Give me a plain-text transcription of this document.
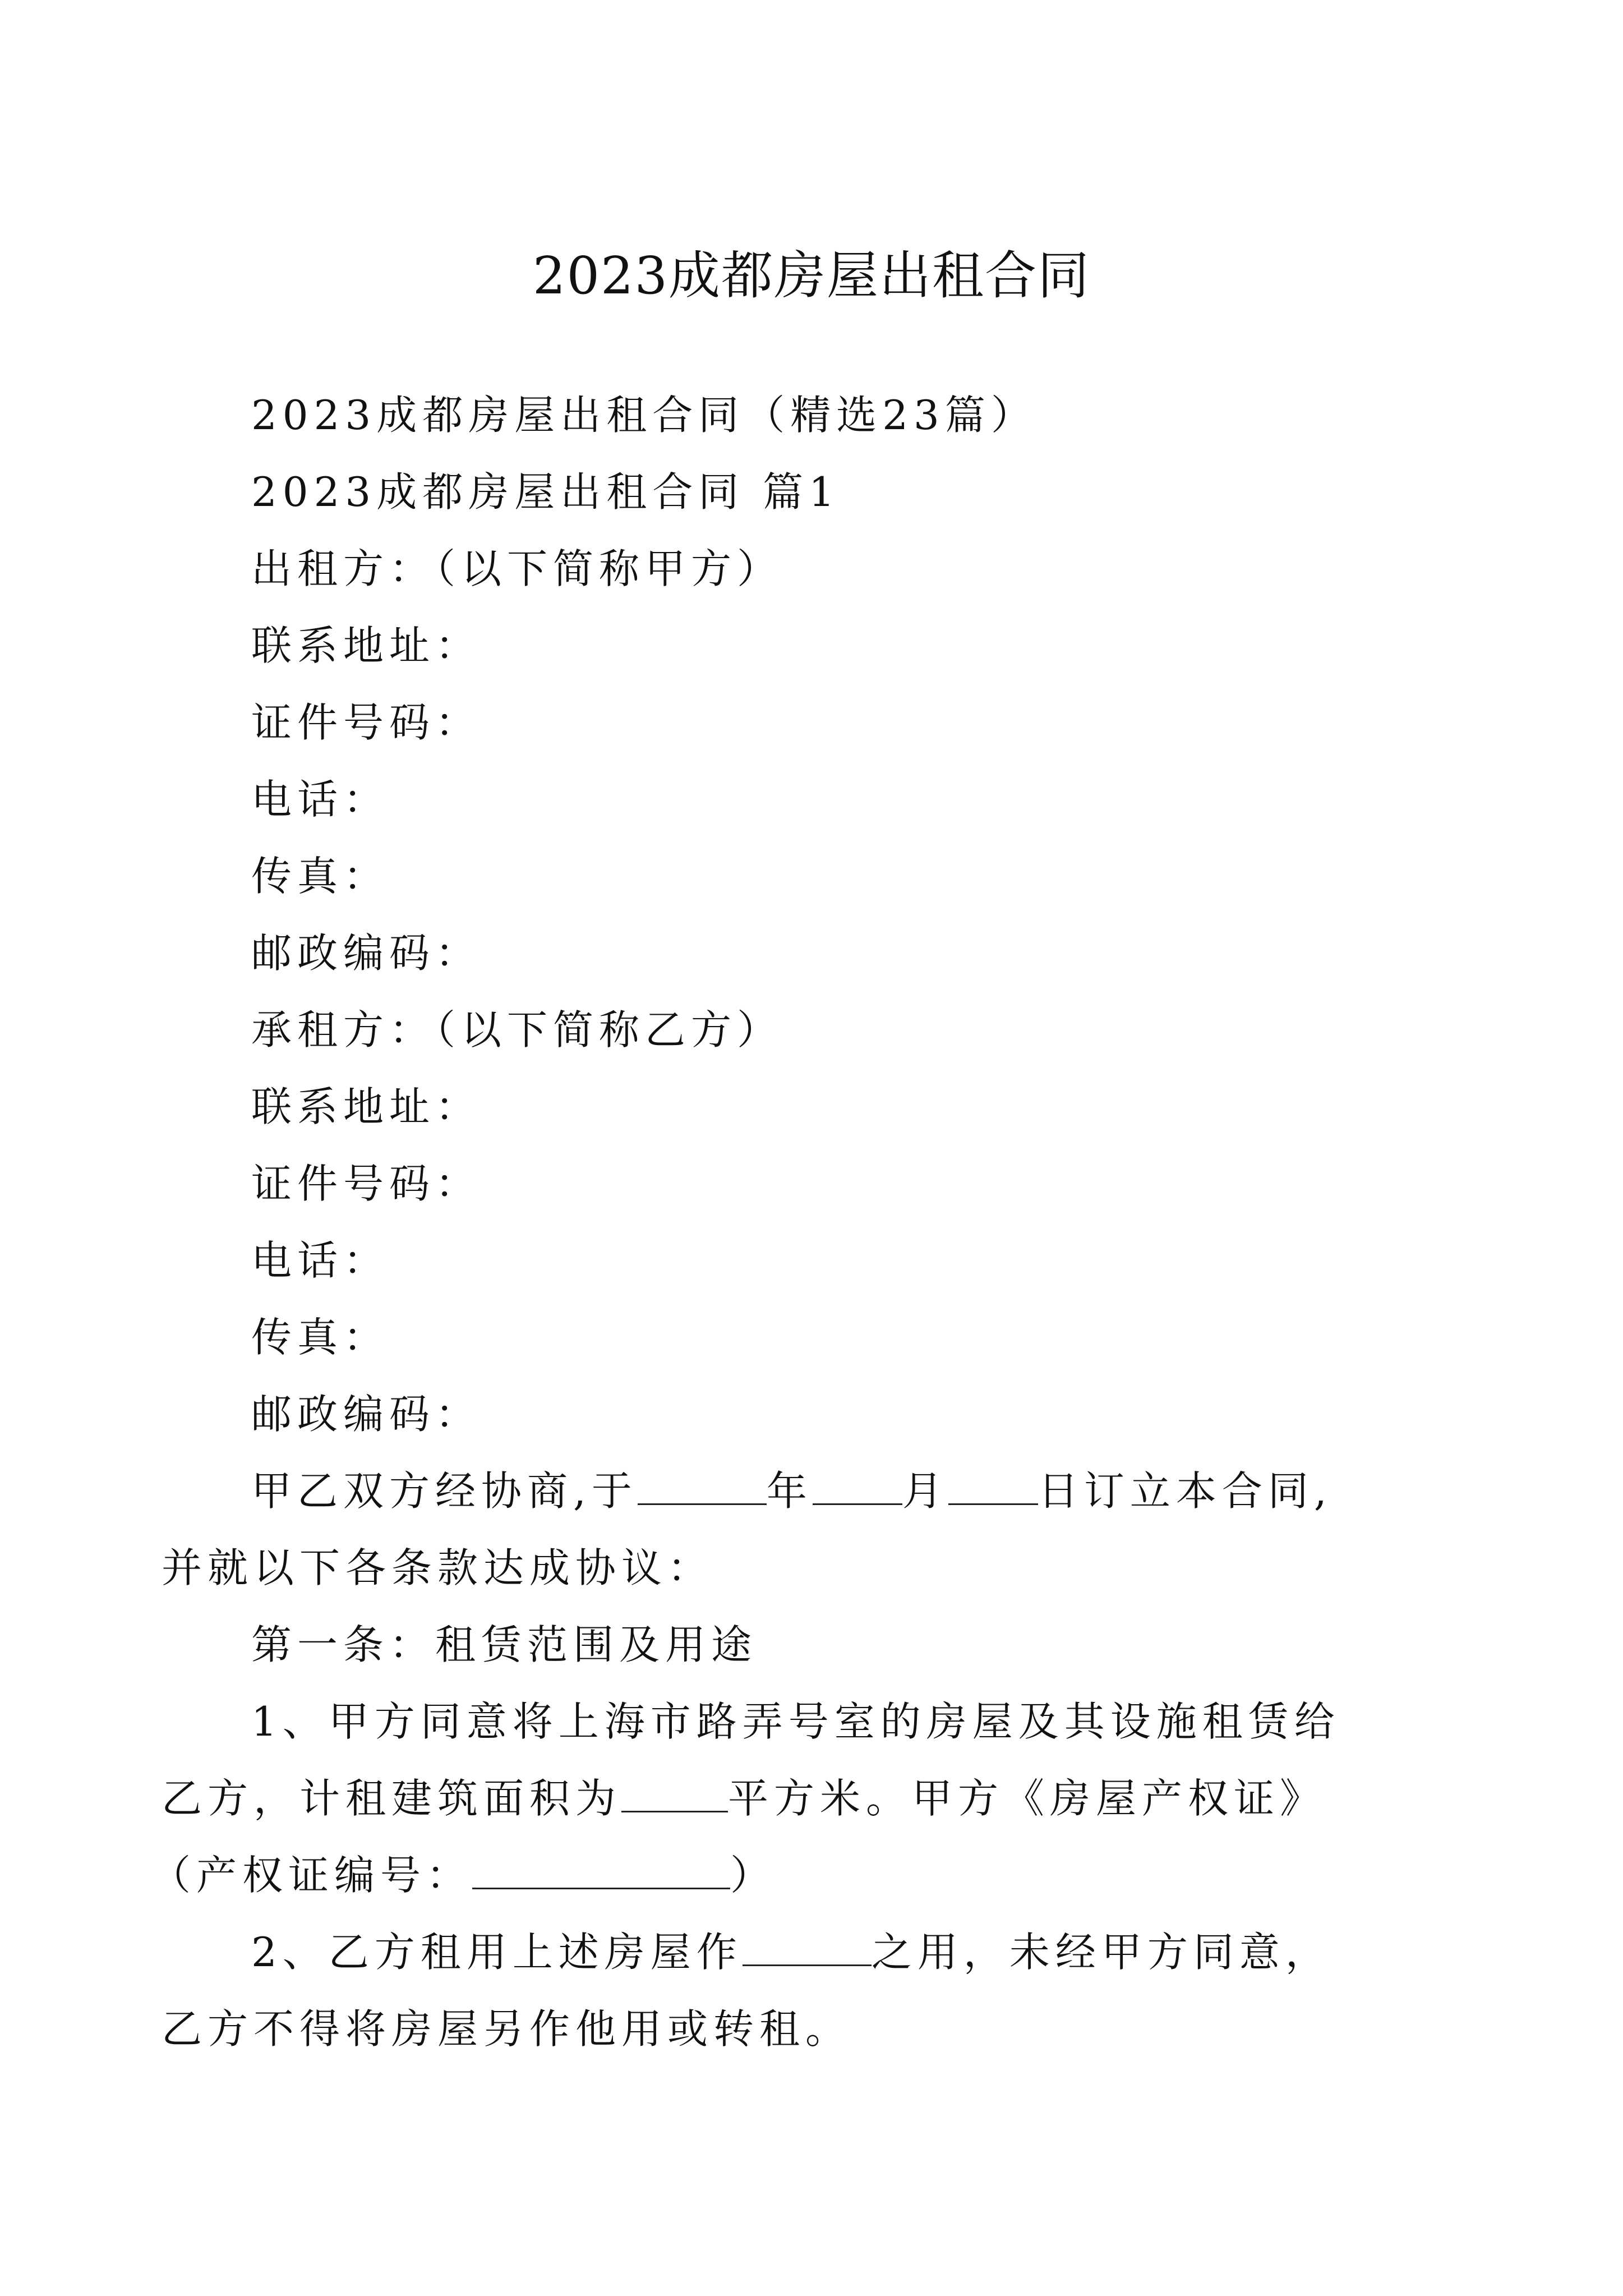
2023成都房屋出租合同

2023成都房屋出租合同（精选23篇）

2023成都房屋出租合同 篇1

出租方：（以下简称甲方）

联系地址：

证件号码：

电话：

传真：

邮政编码：

承租方：（以下简称乙方）

联系地址：

证件号码：

电话：

传真：

邮政编码：

甲乙双方经协商,于	年 月 日订立本合同,

并就以下各条款达成协议：

第一条：租赁范围及用途

1、甲方同意将上海市路弄号室的房屋及其设施租赁给

乙方，计租建筑面积为	平方米。甲方《房屋产权证》

（产权证编号：	）

2、乙方租用上述房屋作	之用，未经甲方同意，

乙方不得将房屋另作他用或转租。
